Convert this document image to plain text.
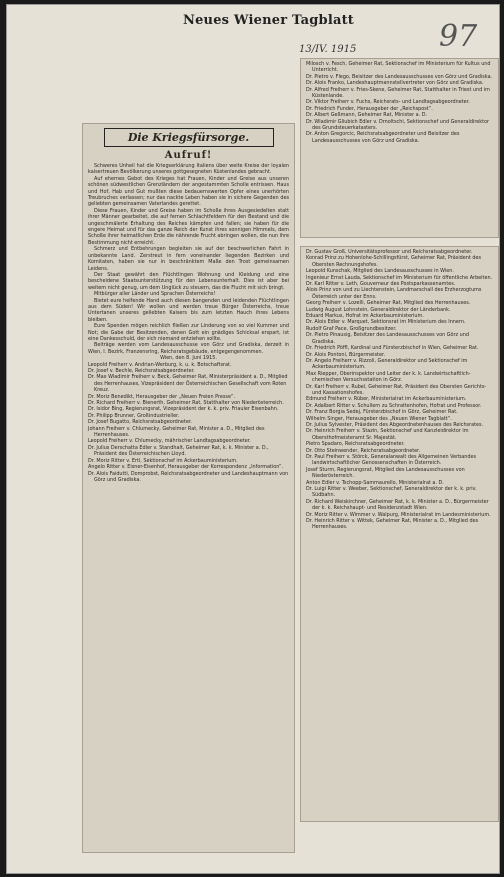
Neues Wiener Tagblatt
13/IV. 1915	97
Die Kriegsfürsorge.
Aufruf!

Schweres Unheil hat die Kriegserklärung Italiens über weite Kreise der loyalen kaisertreuen Bevölkerung unseres gottgesegneten Küstenlandes gebracht.

Auf ehernes Gebot des Krieges hat Frauen, Kinder und Greise aus unseren schönen südwestlichen Grenzländern der angestammten Scholle entrissen. Haus und Hof, Hab und Gut mußten diese bedauernswerten Opfer eines unerhörten Treubruches verlassen; nur das nackte Leben haben sie in sichere Gegenden des geliebten gemeinsamen Vaterlandes gerettet.

Diese Frauen, Kinder und Greise haben im Schoße ihres Ausgesiedelten statt ihrer Männer gearbeitet, die auf fernen Schlachtfeldern für den Bestand und die ungeschmälerte Erhaltung des Reiches kämpfen und fallen; sie haben für die engere Heimat und für das ganze Reich der Kunst ihres sonnigen Himmels, dem Schoße ihrer heimatlichen Erde die nährende Frucht abringen wollen, die nun ihre Bestimmung nicht erreicht.

Schmerz und Entbehrungen begleiten sie auf der beschwerlichen Fahrt in unbekannte Land. Zerstreut in fern voneinander liegenden Bezirken und Komitaten, haben sie nur in beschränktem Maße den Trost gemeinsamen Leidens.

Der Staat gewährt den Flüchtlingen Wohnung und Kleidung und eine bescheidene Staatsunterstützung für den Lebensunterhalt. Dies ist aber bei weitem nicht genug, um dem Unglück zu steuern, das die Flucht mit sich bringt.

Mitbürger aller Länder und Sprachen Österreichs!

Bietet eure helfende Hand auch diesen bangenden und leidenden Flüchtlingen aus dem Süden! Wir wollen und werden treue Bürger Österreichs, treue Untertanen unseres geliebten Kaisers bis zum letzten Hauch ihres Lebens bleiben.

Eure Spenden mögen reichlich fließen zur Linderung von so viel Kummer und Not; die Gabe der Besitzenden, denen Gott ein gnädiges Schicksal erspart, ist eine Dankesschuld, der sich niemand entziehen sollte.

Beiträge werden vom Landesausschusse von Görz und Gradiska, derzeit in Wien, I. Bezirk, Franzensring, Reichsratsgebäude, entgegengenommen.

Wien, den 8. Juni 1915.
Leopold Freiherr v. Andrian-Werburg, k. u. k. Botschaftsrat.
Dr. Josef v. Bechle, Reichsratsabgeordneter.
Dr. Max Wladimir Freiherr v. Beck, Geheimer Rat, Ministerpräsident a. D., Mitglied des Herrenhauses, Vizepräsident der Österreichischen Gesellschaft vom Roten Kreuz.
Dr. Moriz Benedikt, Herausgeber der „Neuen Freien Presse“.
Dr. Richard Freiherr v. Bienerth, Geheimer Rat, Statthalter von Niederösterreich.
Dr. Isidor Bing, Regierungsrat, Vizepräsident der k. k. priv. Friauler Eisenbahn.
Dr. Philipp Brunner, Großindustrieller.
Dr. Josef Bugatto, Reichsratsabgeordneter.
Johann Freiherr v. Chlumecky, Geheimer Rat, Minister a. D., Mitglied des Herrenhauses.
Leopold Freiherr v. Chlumecky, mährischer Landtagsabgeordneter.
Dr. Julius Derschatta Edler v. Standhalt, Geheimer Rat, k. k. Minister a. D., Präsident des Österreichischen Lloyd.
Dr. Moriz Ritter v. Ertl, Sektionschef im Ackerbauministerium.
Angelo Ritter v. Eisner-Eisenhof, Herausgeber der Korrespondenz „Information“.
Dr. Alois Faidutti, Domprobst, Reichsratsabgeordneter und Landeshauptmann von Görz und Gradiska.
Milosch v. Fesch, Geheimer Rat, Sektionschef im Ministerium für Kultus und Unterricht.
Dr. Pietro v. Flego, Beisitzer des Landesausschusses von Görz und Gradiska.
Dr. Alois Franko, Landeshauptmannstellvertreter von Görz und Gradiska.
Dr. Alfred Freiherr v. Fries-Skene, Geheimer Rat, Statthalter in Triest und im Küstenlande.
Dr. Viktor Freiherr v. Fuchs, Reichsrats- und Landtagsabgeordneter.
Dr. Friedrich Funder, Herausgeber der „Reichspost“.
Dr. Albert Geßmann, Geheimer Rat, Minister a. D.
Dr. Wladimir Gliubich Edler v. Drnoltschi, Sektionschef und Generaldirektor des Grundsteuerkatasters.
Dr. Anton Gregorcic, Reichsratsabgeordneter und Beisitzer des Landesausschusses von Görz und Gradiska.
Dr. Gustav Groß, Universitätsprofessor und Reichsratsabgeordneter.
Konrad Prinz zu Hohenlohe-Schillingsfürst, Geheimer Rat, Präsident des Obersten Rechnungshofes.
Leopold Kunschak, Mitglied des Landesausschusses in Wien.
Ingenieur Ernst Lauda, Sektionschef im Ministerium für öffentliche Arbeiten.
Dr. Karl Ritter v. Leth, Gouverneur des Postsparkassenamtes.
Alois Prinz von und zu Liechtenstein, Landmarschall des Erzherzogtums Österreich unter der Enns.
Georg Freiherr v. Lozelli, Geheimer Rat, Mitglied des Herrenhauses.
Ludwig August Lohnstein, Generaldirektor der Länderbank.
Eduard Markus, Hofrat im Ackerbauministerium.
Dr. Alois Edler v. Marquet, Sektionsrat im Ministerium des Innern.
Rudolf Graf Pace, Großgrundbesitzer.
Dr. Pietro Pinausig, Beisitzer des Landesausschusses von Görz und Gradiska.
Dr. Friedrich Pöffl, Kardinal und Fürsterzbischof in Wien, Geheimer Rat.
Dr. Alois Pontoni, Bürgermeister.
Dr. Angelo Freiherr v. Rizzoli, Generaldirektor und Sektionschef im Ackerbauministerium.
Max Riepper, Oberinspektor und Leiter der k. k. Landwirtschaftlich-chemischen Versuchsstation in Görz.
Dr. Karl Freiherr v. Rubel, Geheimer Rat, Präsident des Obersten Gerichts- und Kassationshofes.
Edmund Freiherr v. Rüber, Ministerialrat im Ackerbauministerium.
Dr. Adalbert Ritter v. Schullern zu Schrattenhofen, Hofrat und Professor.
Dr. Franz Borgia Sedej, Fürsterzbischof in Görz, Geheimer Rat.
Wilhelm Singer, Herausgeber des „Neuen Wiener Tagblatt“.
Dr. Julius Sylvester, Präsident des Abgeordnetenhauses des Reichsrates.
Dr. Heinrich Freiherr v. Stazin, Sektionschef und Kanzleidirektor im Obersthofmeisteramt Sr. Majestät.
Pietro Spadaro, Reichsratsabgeordneter.
Dr. Otto Steinwender, Reichsratsabgeordneter.
Dr. Paul Freiherr v. Störck, Generalanwalt des Allgemeinen Verbandes landwirtschaftlicher Genossenschaften in Österreich.
Josef Sturm, Regierungsrat, Mitglied des Landesausschusses von Niederösterreich.
Anton Edler v. Tschopp-Sammaurello, Ministerialrat a. D.
Dr. Luigi Ritter v. Weeber, Sektionschef, Generaldirektor der k. k. priv. Südbahn.
Dr. Richard Weiskirchner, Geheimer Rat, k. k. Minister a. D., Bürgermeister der k. k. Reichshaupt- und Residenzstadt Wien.
Dr. Moriz Ritter v. Wimmer v. Walpurg, Ministerialrat im Landesministerium.
Dr. Heinrich Ritter v. Wittek, Geheimer Rat, Minister a. D., Mitglied des Herrenhauses.
